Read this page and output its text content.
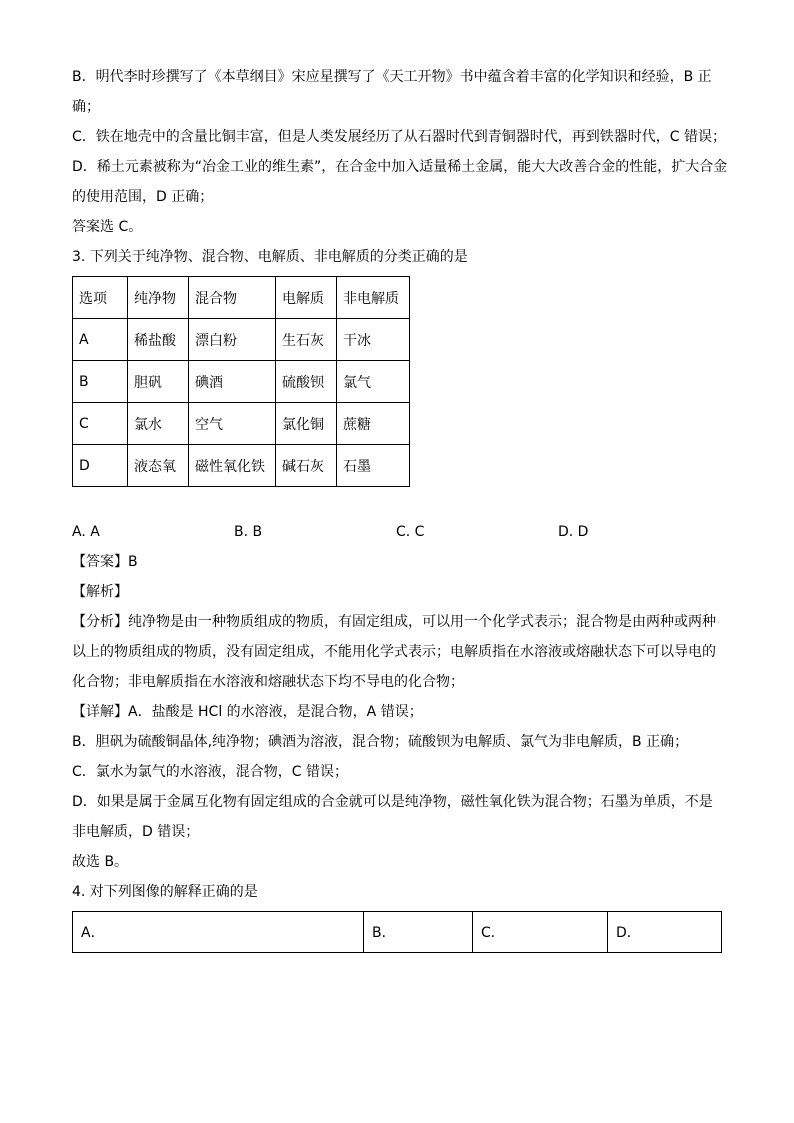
B．明代李时珍撰写了《本草纲目》宋应星撰写了《天工开物》书中蕴含着丰富的化学知识和经验，B 正
确；
C．铁在地壳中的含量比铜丰富，但是人类发展经历了从石器时代到青铜器时代，再到铁器时代，C 错误；
D．稀土元素被称为“冶金工业的维生素”，在合金中加入适量稀土金属，能大大改善合金的性能，扩大合金
的使用范围，D 正确；
答案选 C。
3. 下列关于纯净物、混合物、电解质、非电解质的分类正确的是
选项	纯净物	混合物	电解质	非电解质
A	稀盐酸	漂白粉	生石灰	干冰
B	胆矾	碘酒	硫酸钡	氯气
C	氯水	空气	氯化铜	蔗糖
D	液态氧	磁性氧化铁	碱石灰	石墨
A. A	B. B	C. C	D. D
【答案】B
【解析】
【分析】纯净物是由一种物质组成的物质，有固定组成，可以用一个化学式表示；混合物是由两种或两种
以上的物质组成的物质，没有固定组成，不能用化学式表示；电解质指在水溶液或熔融状态下可以导电的
化合物；非电解质指在水溶液和熔融状态下均不导电的化合物；
【详解】A．盐酸是 HCl 的水溶液，是混合物，A 错误；
B．胆矾为硫酸铜晶体,纯净物；碘酒为溶液，混合物；硫酸钡为电解质、氯气为非电解质，B 正确；
C．氯水为氯气的水溶液，混合物，C 错误；
D．如果是属于金属互化物有固定组成的合金就可以是纯净物，磁性氧化铁为混合物；石墨为单质，不是
非电解质，D 错误；
故选 B。
4. 对下列图像的解释正确的是
A．	B．	C．	D．
